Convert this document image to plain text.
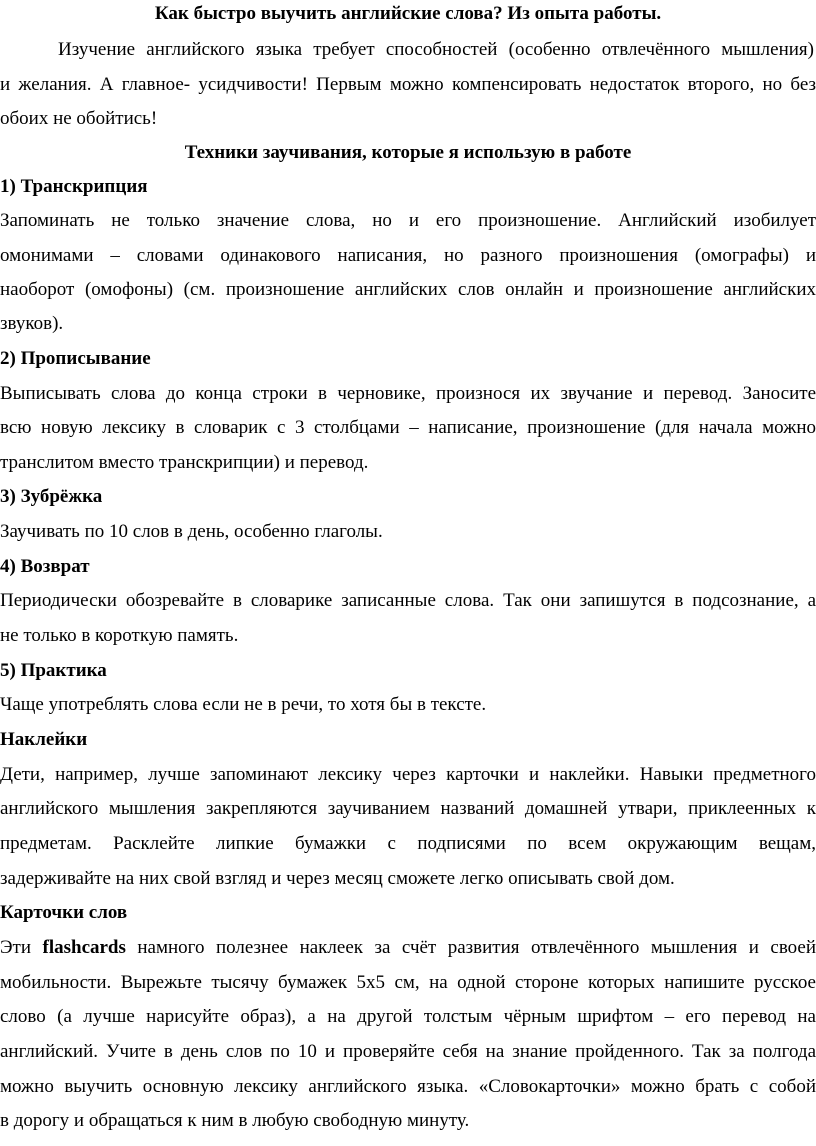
Как быстро выучить английские слова? Из опыта работы.
Изучение английского языка требует способностей (особенно отвлечённого мышления)
и желания. А главное- усидчивости! Первым можно компенсировать недостаток второго, но без
обоих не обойтись!
Техники заучивания, которые я использую в работе
1) Транскрипция
Запоминать не только значение слова, но и его произношение. Английский изобилует
омонимами – словами одинакового написания, но разного произношения (омографы) и
наоборот (омофоны) (см. произношение английских слов онлайн и произношение английских
звуков).
2) Прописывание
Выписывать слова до конца строки в черновике, произнося их звучание и перевод. Заносите
всю новую лексику в словарик с 3 столбцами – написание, произношение (для начала можно
транслитом вместо транскрипции) и перевод.
3) Зубрёжка
Заучивать по 10 слов в день, особенно глаголы.
4) Возврат
Периодически обозревайте в словарике записанные слова. Так они запишутся в подсознание, а
не только в короткую память.
5) Практика
Чаще употреблять слова если не в речи, то хотя бы в тексте.
Наклейки
Дети, например, лучше запоминают лексику через карточки и наклейки. Навыки предметного
английского мышления закрепляются заучиванием названий домашней утвари, приклеенных к
предметам. Расклейте липкие бумажки с подписями по всем окружающим вещам,
задерживайте на них свой взгляд и через месяц сможете легко описывать свой дом.
Карточки слов
Эти flashcards намного полезнее наклеек за счёт развития отвлечённого мышления и своей
мобильности. Вырежьте тысячу бумажек 5х5 см, на одной стороне которых напишите русское
слово (а лучше нарисуйте образ), а на другой толстым чёрным шрифтом – его перевод на
английский. Учите в день слов по 10 и проверяйте себя на знание пройденного. Так за полгода
можно выучить основную лексику английского языка. «Словокарточки» можно брать с собой
в дорогу и обращаться к ним в любую свободную минуту.
